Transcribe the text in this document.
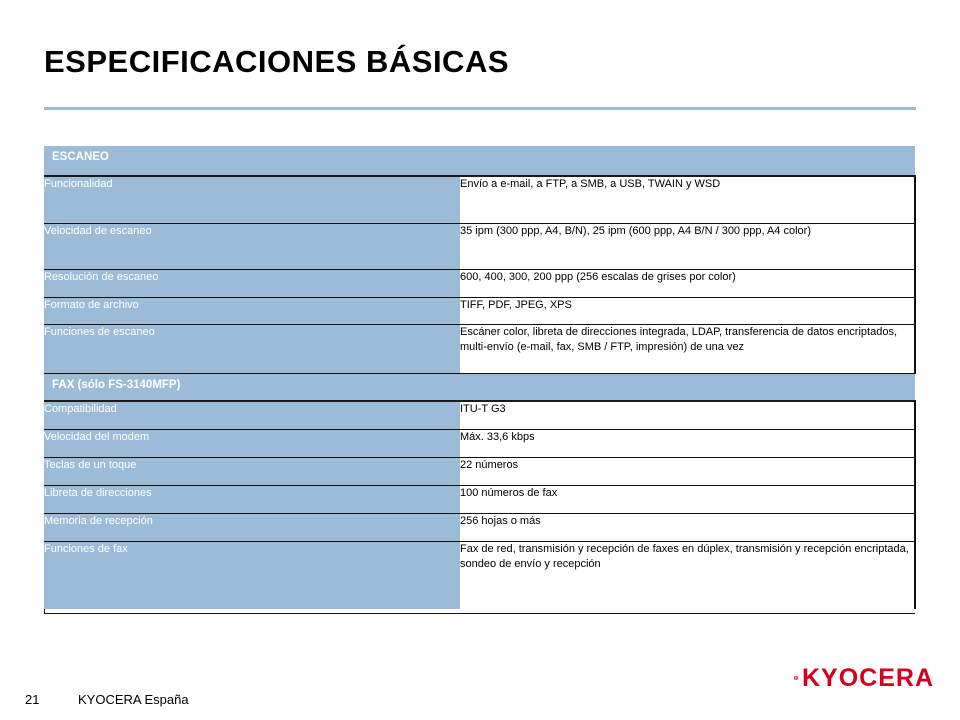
ESPECIFICACIONES BÁSICAS
ESCANEO	
Funcionalidad	Envío a e-mail, a FTP, a SMB, a USB, TWAIN y WSD
Velocidad de escaneo	35 ipm (300 ppp, A4, B/N), 25 ipm (600 ppp, A4 B/N / 300 ppp, A4 color)
Resolución de escaneo	600, 400, 300, 200 ppp (256 escalas de grises por color)
Formato de archivo	TIFF, PDF, JPEG, XPS
Funciones de escaneo	Escáner color, libreta de direcciones integrada, LDAP, transferencia de datos encriptados, multi-envío (e-mail, fax, SMB / FTP, impresión) de una vez
FAX (sólo FS-3140MFP)	
Compatibilidad	ITU-T G3
Velocidad del modem	Máx. 33,6 kbps
Teclas de un toque	22 números
Libreta de direcciones	100 números de fax
Memoria de recepción	256 hojas o más
Funciones de fax	Fax de red, transmisión y recepción de faxes en dúplex, transmisión y recepción encriptada, sondeo de envío y recepción
21	KYOCERA España
KYOCERA
